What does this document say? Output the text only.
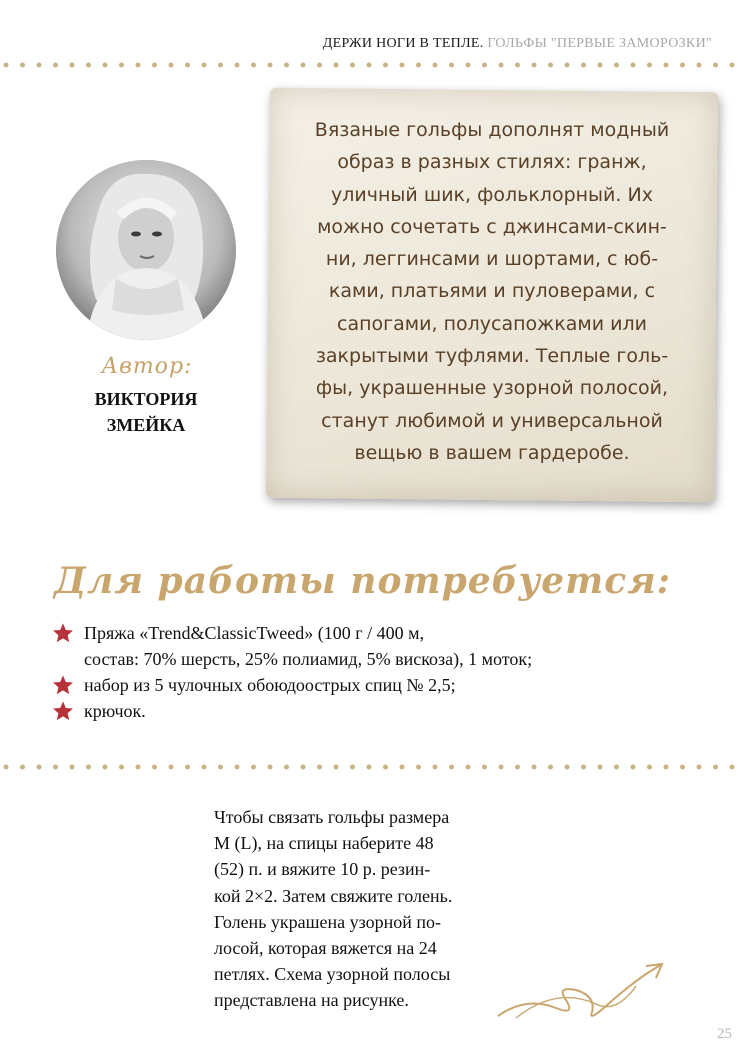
ДЕРЖИ НОГИ В ТЕПЛЕ. ГОЛЬФЫ "ПЕРВЫЕ ЗАМОРОЗКИ"
Автор:
ВИКТОРИЯ
ЗМЕЙКА
Вязаные гольфы дополнят модный
образ в разных стилях: гранж,
уличный шик, фольклорный. Их
можно сочетать с джинсами-скин-
ни, леггинсами и шортами, с юб-
ками, платьями и пуловерами, с
сапогами, полусапожками или
закрытыми туфлями. Теплые голь-
фы, украшенные узорной полосой,
станут любимой и универсальной
вещью в вашем гардеробе.
Для работы потребуется:
Пряжа «Trend&ClassicTweed» (100 г / 400 м,
состав: 70% шерсть, 25% полиамид, 5% вискоза), 1 моток;
набор из 5 чулочных обоюдоострых спиц № 2,5;
крючок.
Чтобы связать гольфы размера
M (L), на спицы наберите 48
(52) п. и вяжите 10 р. резин-
кой 2×2. Затем свяжите голень.
Голень украшена узорной по-
лосой, которая вяжется на 24
петлях. Схема узорной полосы
представлена на рисунке.
25
